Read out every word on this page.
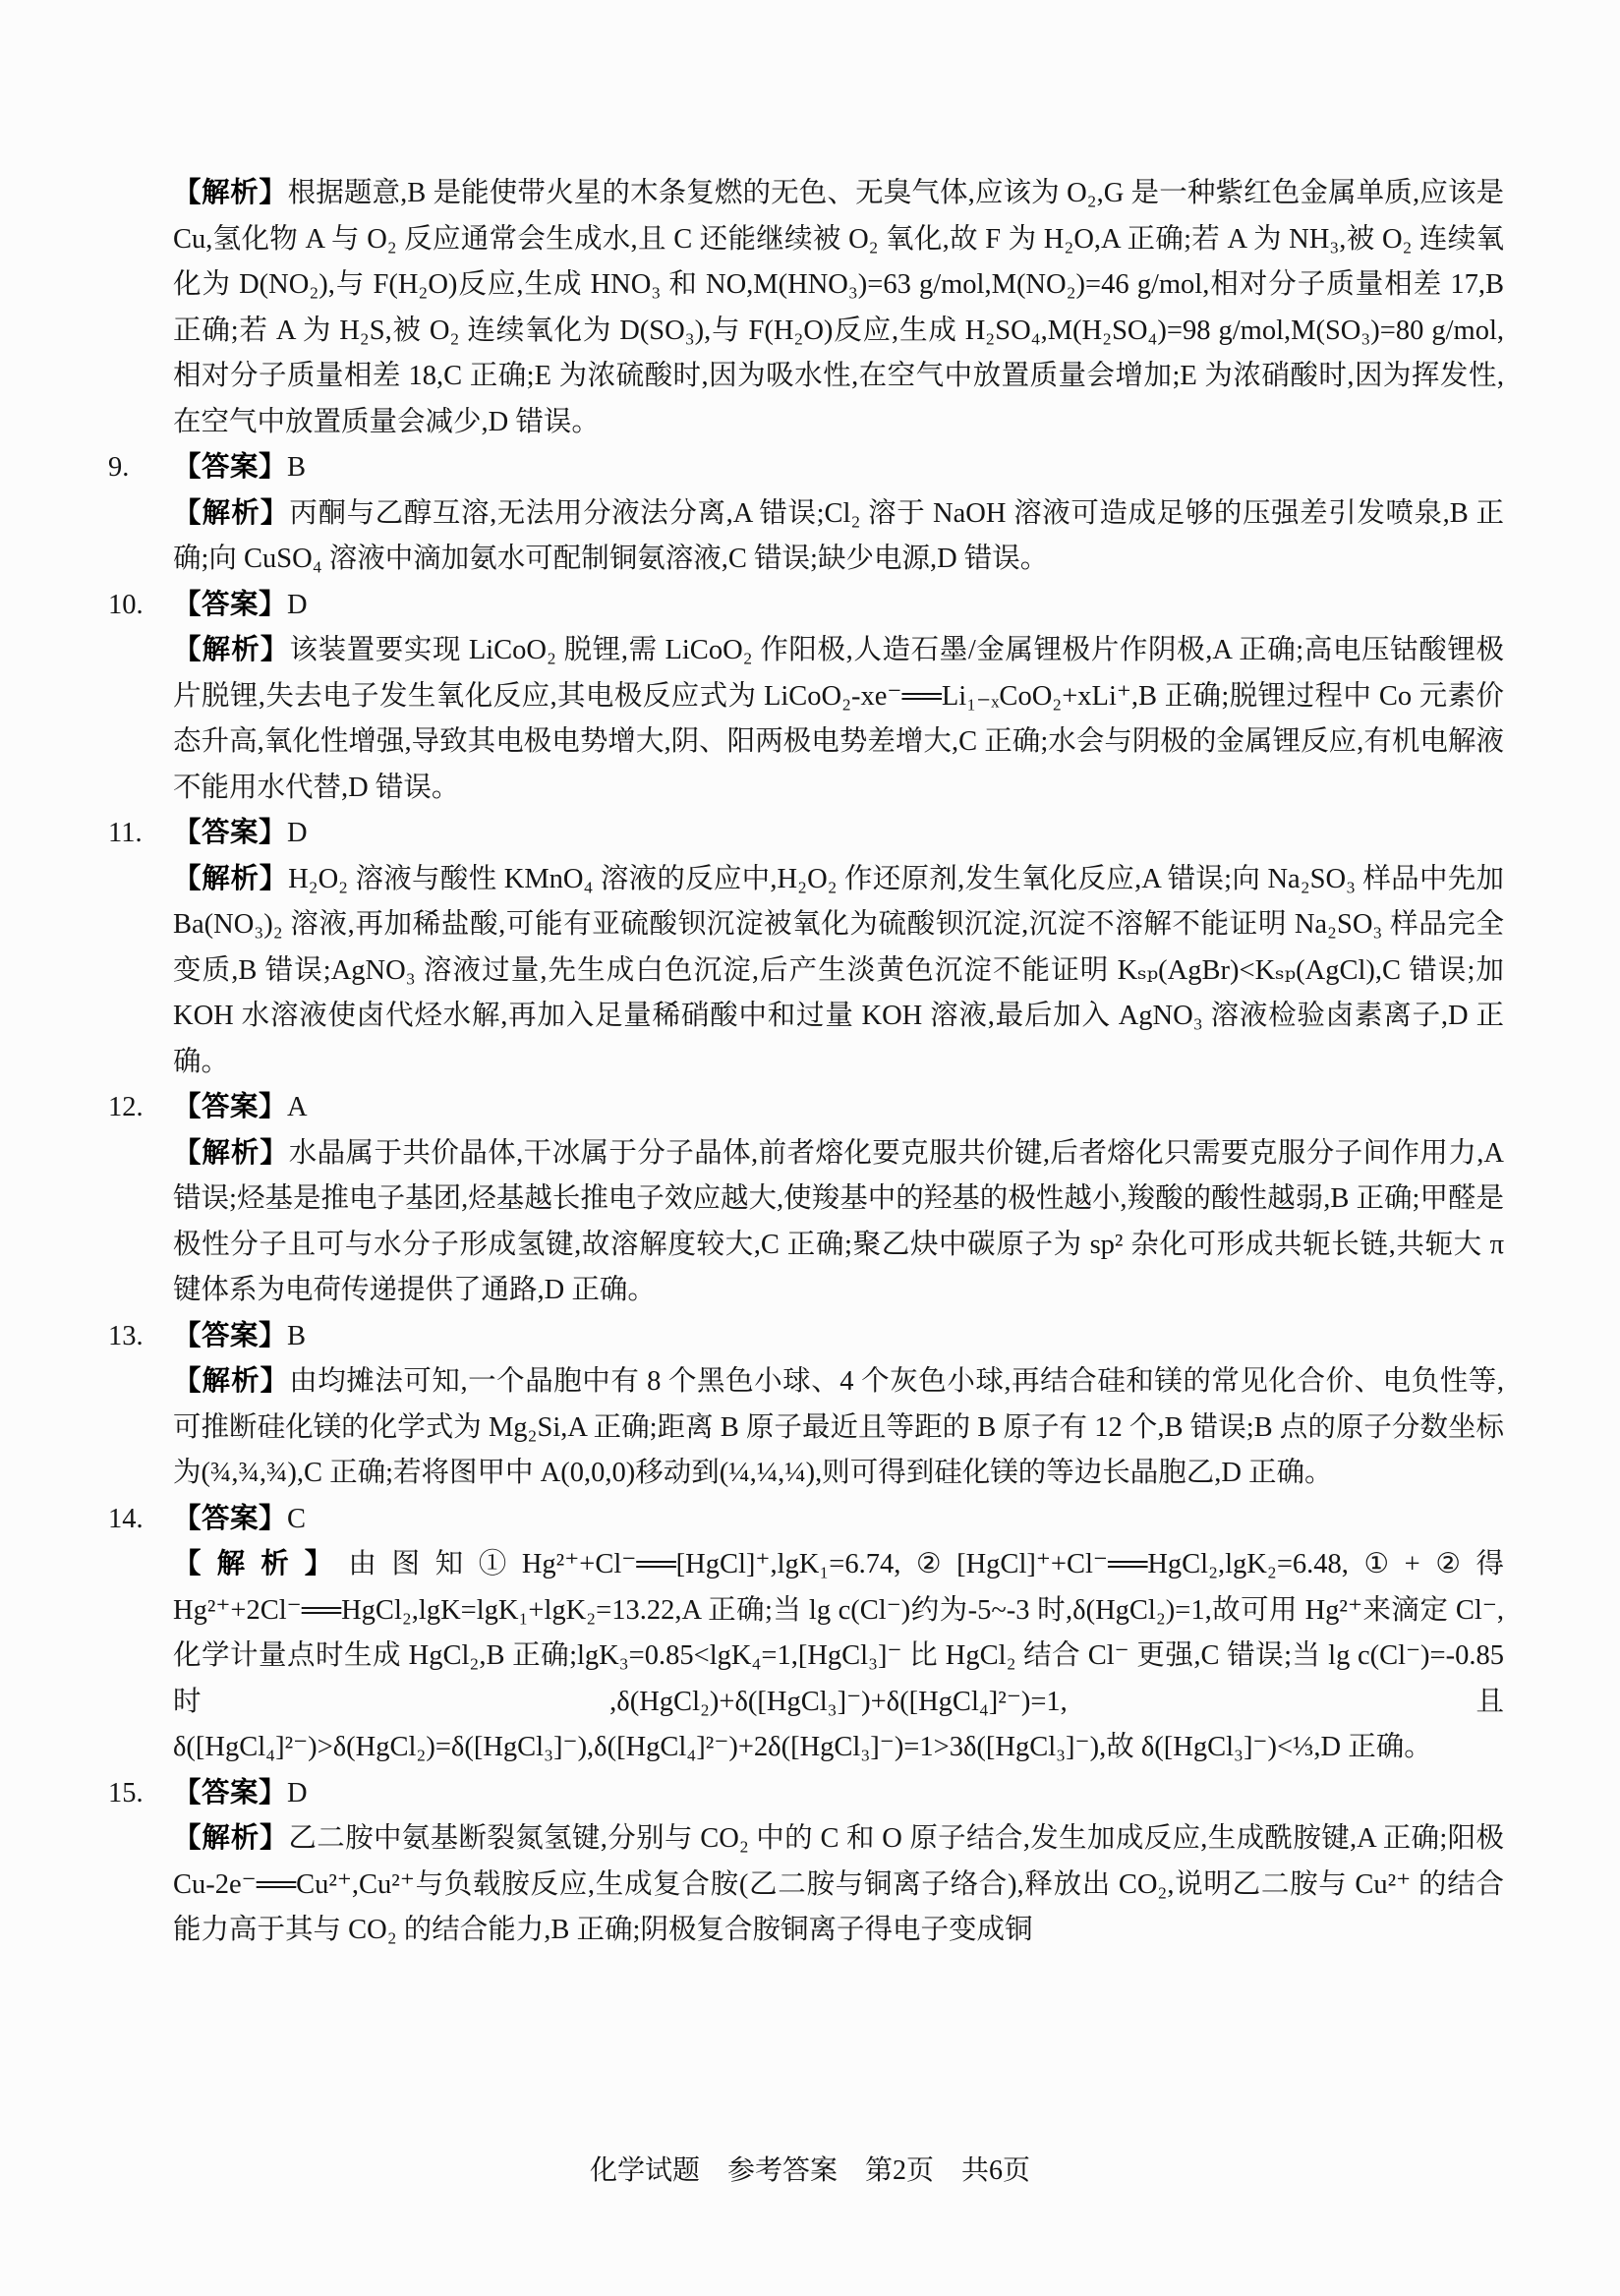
【解析】根据题意,B 是能使带火星的木条复燃的无色、无臭气体,应该为 O₂,G 是一种紫红色金属单质,应该是 Cu,氢化物 A 与 O₂ 反应通常会生成水,且 C 还能继续被 O₂ 氧化,故 F 为 H₂O,A 正确;若 A 为 NH₃,被 O₂ 连续氧化为 D(NO₂),与 F(H₂O)反应,生成 HNO₃ 和 NO,M(HNO₃)=63 g/mol,M(NO₂)=46 g/mol,相对分子质量相差 17,B 正确;若 A 为 H₂S,被 O₂ 连续氧化为 D(SO₃),与 F(H₂O)反应,生成 H₂SO₄,M(H₂SO₄)=98 g/mol,M(SO₃)=80 g/mol,相对分子质量相差 18,C 正确;E 为浓硫酸时,因为吸水性,在空气中放置质量会增加;E 为浓硝酸时,因为挥发性,在空气中放置质量会减少,D 错误。

9.	【答案】B

【解析】丙酮与乙醇互溶,无法用分液法分离,A 错误;Cl₂ 溶于 NaOH 溶液可造成足够的压强差引发喷泉,B 正确;向 CuSO₄ 溶液中滴加氨水可配制铜氨溶液,C 错误;缺少电源,D 错误。

10.	【答案】D

【解析】该装置要实现 LiCoO₂ 脱锂,需 LiCoO₂ 作阳极,人造石墨/金属锂极片作阴极,A 正确;高电压钴酸锂极片脱锂,失去电子发生氧化反应,其电极反应式为 LiCoO₂-xe⁻══Li₁₋ₓCoO₂+xLi⁺,B 正确;脱锂过程中 Co 元素价态升高,氧化性增强,导致其电极电势增大,阴、阳两极电势差增大,C 正确;水会与阴极的金属锂反应,有机电解液不能用水代替,D 错误。

11.	【答案】D

【解析】H₂O₂ 溶液与酸性 KMnO₄ 溶液的反应中,H₂O₂ 作还原剂,发生氧化反应,A 错误;向 Na₂SO₃ 样品中先加 Ba(NO₃)₂ 溶液,再加稀盐酸,可能有亚硫酸钡沉淀被氧化为硫酸钡沉淀,沉淀不溶解不能证明 Na₂SO₃ 样品完全变质,B 错误;AgNO₃ 溶液过量,先生成白色沉淀,后产生淡黄色沉淀不能证明 Kₛₚ(AgBr)<Kₛₚ(AgCl),C 错误;加 KOH 水溶液使卤代烃水解,再加入足量稀硝酸中和过量 KOH 溶液,最后加入 AgNO₃ 溶液检验卤素离子,D 正确。

12.	【答案】A

【解析】水晶属于共价晶体,干冰属于分子晶体,前者熔化要克服共价键,后者熔化只需要克服分子间作用力,A 错误;烃基是推电子基团,烃基越长推电子效应越大,使羧基中的羟基的极性越小,羧酸的酸性越弱,B 正确;甲醛是极性分子且可与水分子形成氢键,故溶解度较大,C 正确;聚乙炔中碳原子为 sp² 杂化可形成共轭长链,共轭大 π 键体系为电荷传递提供了通路,D 正确。

13.	【答案】B

【解析】由均摊法可知,一个晶胞中有 8 个黑色小球、4 个灰色小球,再结合硅和镁的常见化合价、电负性等,可推断硅化镁的化学式为 Mg₂Si,A 正确;距离 B 原子最近且等距的 B 原子有 12 个,B 错误;B 点的原子分数坐标为(¾,¾,¾),C 正确;若将图甲中 A(0,0,0)移动到(¼,¼,¼),则可得到硅化镁的等边长晶胞乙,D 正确。

14.	【答案】C

【解析】由图知①Hg²⁺+Cl⁻══[HgCl]⁺,lgK₁=6.74,②[HgCl]⁺+Cl⁻══HgCl₂,lgK₂=6.48,①+②得 Hg²⁺+2Cl⁻══HgCl₂,lgK=lgK₁+lgK₂=13.22,A 正确;当 lg c(Cl⁻)约为-5~-3 时,δ(HgCl₂)=1,故可用 Hg²⁺来滴定 Cl⁻,化学计量点时生成 HgCl₂,B 正确;lgK₃=0.85<lgK₄=1,[HgCl₃]⁻ 比 HgCl₂ 结合 Cl⁻ 更强,C 错误;当 lg c(Cl⁻)=-0.85 时,δ(HgCl₂)+δ([HgCl₃]⁻)+δ([HgCl₄]²⁻)=1,且 δ([HgCl₄]²⁻)>δ(HgCl₂)=δ([HgCl₃]⁻),δ([HgCl₄]²⁻)+2δ([HgCl₃]⁻)=1>3δ([HgCl₃]⁻),故 δ([HgCl₃]⁻)<⅓,D 正确。

15.	【答案】D

【解析】乙二胺中氨基断裂氮氢键,分别与 CO₂ 中的 C 和 O 原子结合,发生加成反应,生成酰胺键,A 正确;阳极 Cu-2e⁻══Cu²⁺,Cu²⁺与负载胺反应,生成复合胺(乙二胺与铜离子络合),释放出 CO₂,说明乙二胺与 Cu²⁺ 的结合能力高于其与 CO₂ 的结合能力,B 正确;阴极复合胺铜离子得电子变成铜

化学试题 参考答案 第2页 共6页
